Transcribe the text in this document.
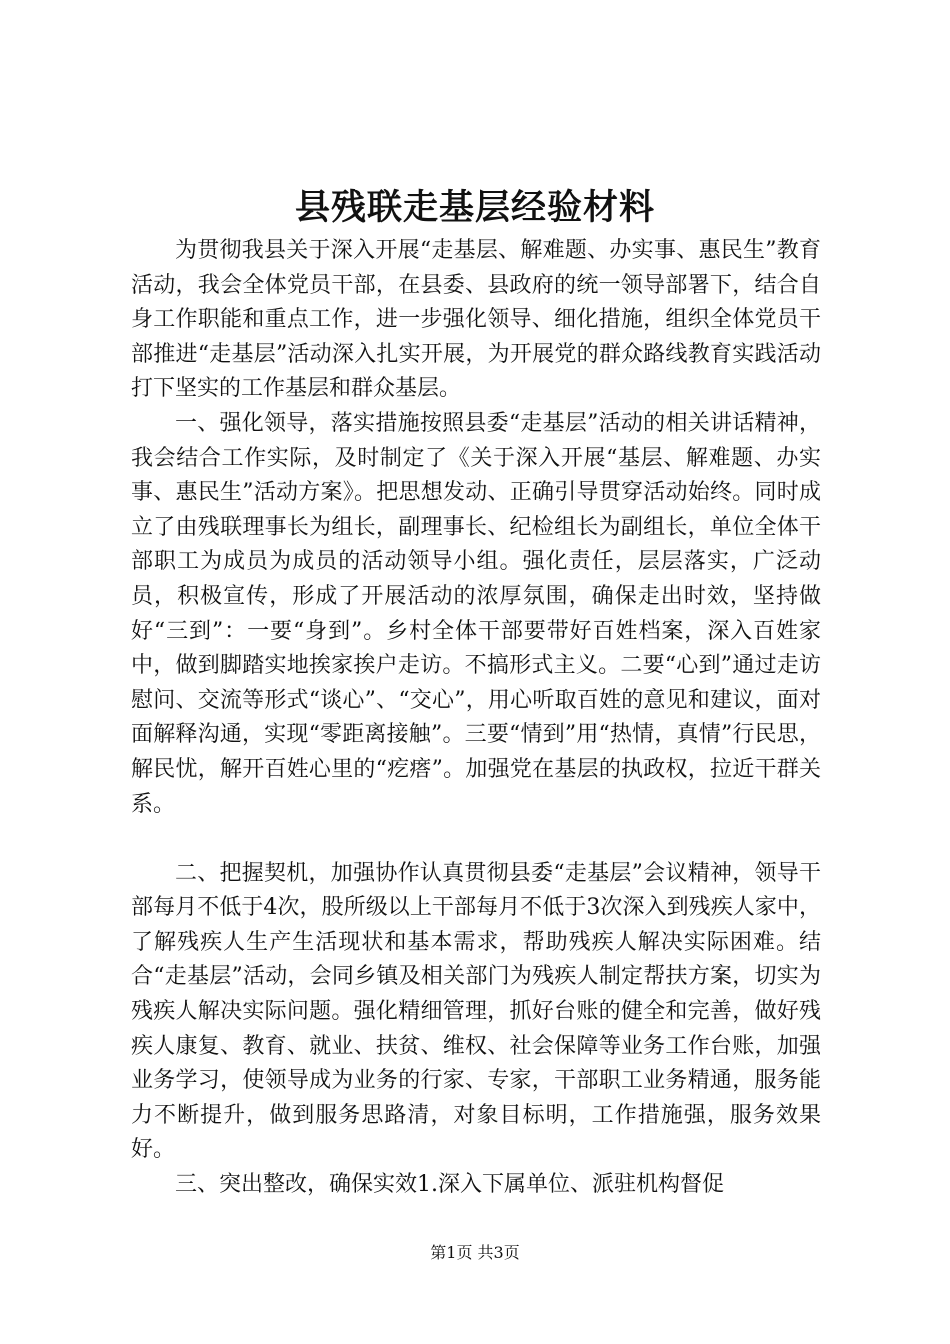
县残联走基层经验材料

为贯彻我县关于深入开展“走基层、解难题、办实事、惠民生”教育活动，我会全体党员干部，在县委、县政府的统一领导部署下，结合自身工作职能和重点工作，进一步强化领导、细化措施，组织全体党员干部推进“走基层”活动深入扎实开展，为开展党的群众路线教育实践活动打下坚实的工作基层和群众基层。

一、强化领导，落实措施按照县委“走基层”活动的相关讲话精神，我会结合工作实际，及时制定了《关于深入开展“基层、解难题、办实事、惠民生”活动方案》。把思想发动、正确引导贯穿活动始终。同时成立了由残联理事长为组长，副理事长、纪检组长为副组长，单位全体干部职工为成员为成员的活动领导小组。强化责任，层层落实，广泛动员，积极宣传，形成了开展活动的浓厚氛围，确保走出时效，坚持做好“三到”：一要“身到”。乡村全体干部要带好百姓档案，深入百姓家中，做到脚踏实地挨家挨户走访。不搞形式主义。二要“心到”通过走访慰问、交流等形式“谈心”、“交心”，用心听取百姓的意见和建议，面对面解释沟通，实现“零距离接触”。三要“情到”用“热情，真情”行民思，解民忧，解开百姓心里的“疙瘩”。加强党在基层的执政权，拉近干群关系。

二、把握契机，加强协作认真贯彻县委“走基层”会议精神，领导干部每月不低于4次，股所级以上干部每月不低于3次深入到残疾人家中，了解残疾人生产生活现状和基本需求，帮助残疾人解决实际困难。结合“走基层”活动，会同乡镇及相关部门为残疾人制定帮扶方案，切实为残疾人解决实际问题。强化精细管理，抓好台账的健全和完善，做好残疾人康复、教育、就业、扶贫、维权、社会保障等业务工作台账，加强业务学习，使领导成为业务的行家、专家，干部职工业务精通，服务能力不断提升，做到服务思路清，对象目标明，工作措施强，服务效果好。

三、突出整改，确保实效1.深入下属单位、派驻机构督促

第1页 共3页
